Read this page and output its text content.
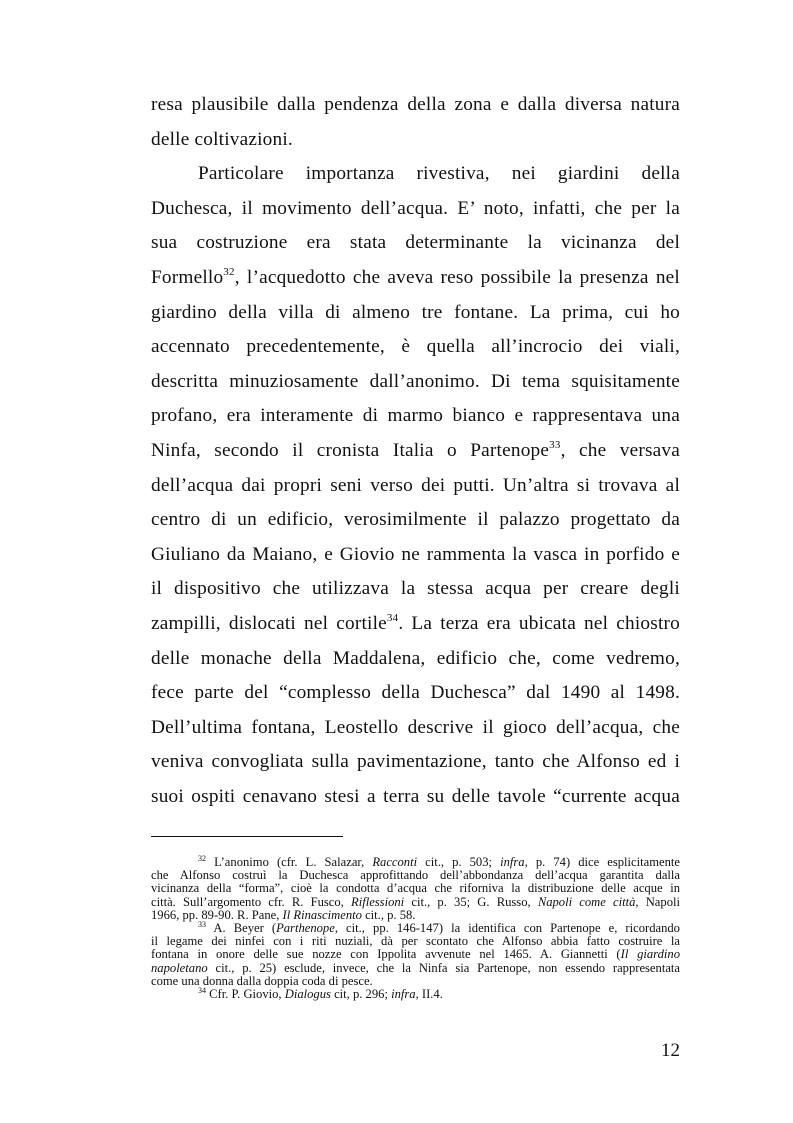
resa plausibile dalla pendenza della zona e dalla diversa natura
delle coltivazioni.

Particolare importanza rivestiva, nei giardini della
Duchesca, il movimento dell’acqua. E’ noto, infatti, che per la
sua costruzione era stata determinante la vicinanza del
Formello$^{32}$, l’acquedotto che aveva reso possibile la presenza nel
giardino della villa di almeno tre fontane. La prima, cui ho
accennato precedentemente, è quella all’incrocio dei viali,
descritta minuziosamente dall’anonimo. Di tema squisitamente
profano, era interamente di marmo bianco e rappresentava una
Ninfa, secondo il cronista Italia o Partenope$^{33}$, che versava
dell’acqua dai propri seni verso dei putti. Un’altra si trovava al
centro di un edificio, verosimilmente il palazzo progettato da
Giuliano da Maiano, e Giovio ne rammenta la vasca in porfido e
il dispositivo che utilizzava la stessa acqua per creare degli
zampilli, dislocati nel cortile$^{34}$. La terza era ubicata nel chiostro
delle monache della Maddalena, edificio che, come vedremo,
fece parte del “complesso della Duchesca” dal 1490 al 1498.
Dell’ultima fontana, Leostello descrive il gioco dell’acqua, che
veniva convogliata sulla pavimentazione, tanto che Alfonso ed i
suoi ospiti cenavano stesi a terra su delle tavole “currente acqua

$^{32}$ L’anonimo (cfr. L. Salazar, Racconti cit., p. 503; infra, p. 74) dice esplicitamente
che Alfonso costruì la Duchesca approfittando dell’abbondanza dell’acqua garantita dalla
vicinanza della “forma”, cioè la condotta d’acqua che riforniva la distribuzione delle acque in
città. Sull’argomento cfr. R. Fusco, Riflessioni cit., p. 35; G. Russo, Napoli come città, Napoli
1966, pp. 89-90. R. Pane, Il Rinascimento cit., p. 58.
$^{33}$ A. Beyer (Parthenope, cit., pp. 146-147) la identifica con Partenope e, ricordando
il legame dei ninfei con i riti nuziali, dà per scontato che Alfonso abbia fatto costruire la
fontana in onore delle sue nozze con Ippolita avvenute nel 1465. A. Giannetti (Il giardino
napoletano cit., p. 25) esclude, invece, che la Ninfa sia Partenope, non essendo rappresentata
come una donna dalla doppia coda di pesce.
$^{34}$ Cfr. P. Giovio, Dialogus cit, p. 296; infra, II.4.
12
